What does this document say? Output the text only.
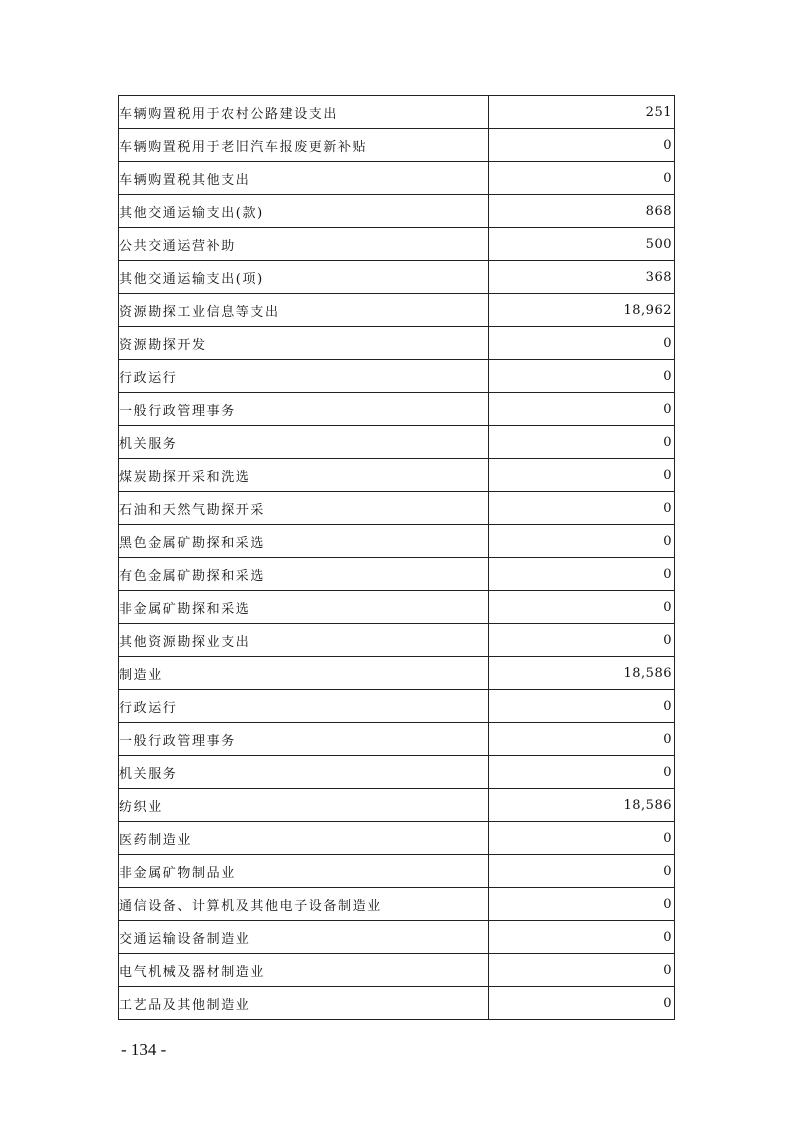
车辆购置税用于农村公路建设支出	251
车辆购置税用于老旧汽车报废更新补贴	0
车辆购置税其他支出	0
其他交通运输支出(款)	868
公共交通运营补助	500
其他交通运输支出(项)	368
资源勘探工业信息等支出	18,962
资源勘探开发	0
行政运行	0
一般行政管理事务	0
机关服务	0
煤炭勘探开采和洗选	0
石油和天然气勘探开采	0
黑色金属矿勘探和采选	0
有色金属矿勘探和采选	0
非金属矿勘探和采选	0
其他资源勘探业支出	0
制造业	18,586
行政运行	0
一般行政管理事务	0
机关服务	0
纺织业	18,586
医药制造业	0
非金属矿物制品业	0
通信设备、计算机及其他电子设备制造业	0
交通运输设备制造业	0
电气机械及器材制造业	0
工艺品及其他制造业	0
- 134 -
